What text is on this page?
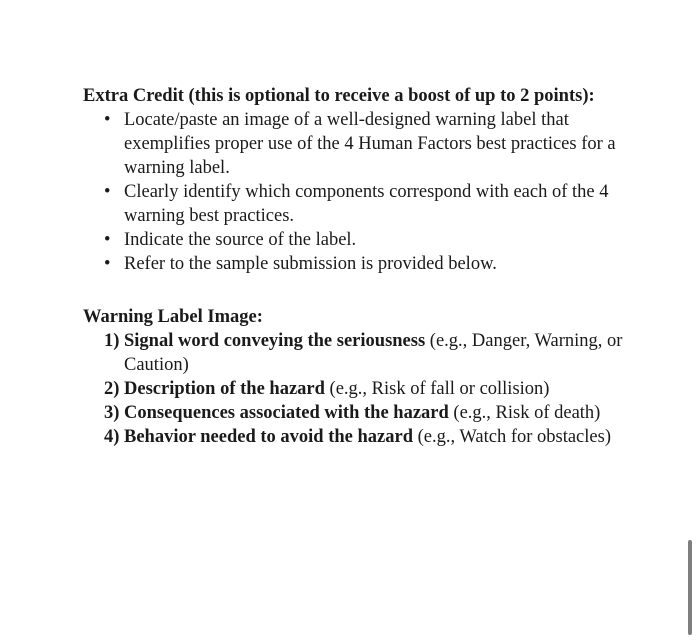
Extra Credit (this is optional to receive a boost of up to 2 points):

• Locate/paste an image of a well-designed warning label that exemplifies proper use of the 4 Human Factors best practices for a warning label.
• Clearly identify which components correspond with each of the 4 warning best practices.
• Indicate the source of the label.
• Refer to the sample submission is provided below.

Warning Label Image:

1) Signal word conveying the seriousness (e.g., Danger, Warning, or Caution)
2) Description of the hazard (e.g., Risk of fall or collision)
3) Consequences associated with the hazard (e.g., Risk of death)
4) Behavior needed to avoid the hazard (e.g., Watch for obstacles)
